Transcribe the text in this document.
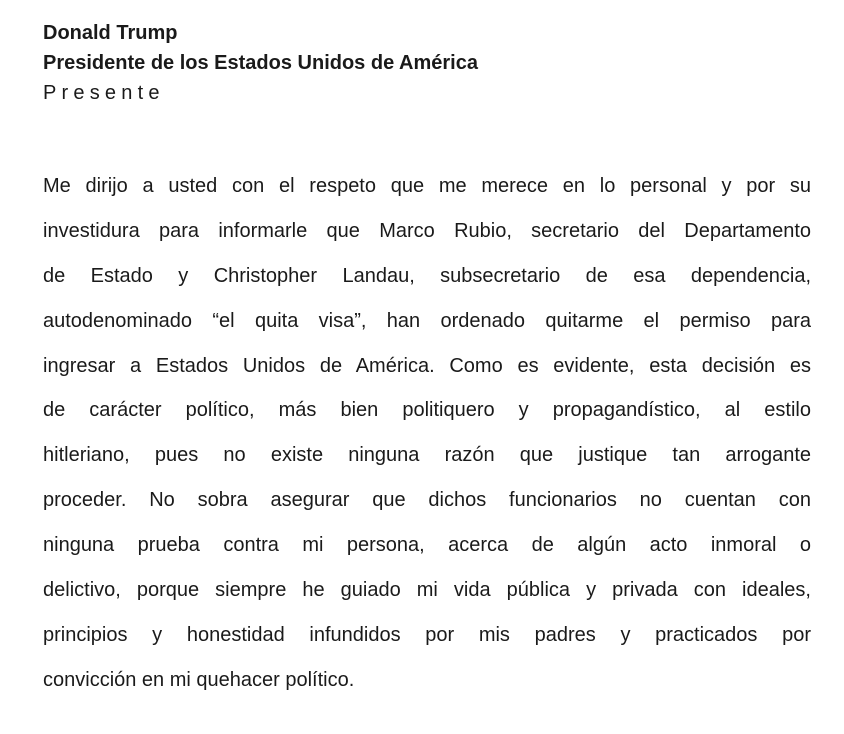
Donald Trump
Presidente de los Estados Unidos de América
Presente
Me dirijo a usted con el respeto que me merece en lo personal y por su
investidura para informarle que Marco Rubio, secretario del Departamento
de Estado y Christopher Landau, subsecretario de esa dependencia,
autodenominado “el quita visa”, han ordenado quitarme el permiso para
ingresar a Estados Unidos de América. Como es evidente, esta decisión es
de carácter político, más bien politiquero y propagandístico, al estilo
hitleriano, pues no existe ninguna razón que justique tan arrogante
proceder. No sobra asegurar que dichos funcionarios no cuentan con
ninguna prueba contra mi persona, acerca de algún acto inmoral o
delictivo, porque siempre he guiado mi vida pública y privada con ideales,
principios y honestidad infundidos por mis padres y practicados por
convicción en mi quehacer político.
